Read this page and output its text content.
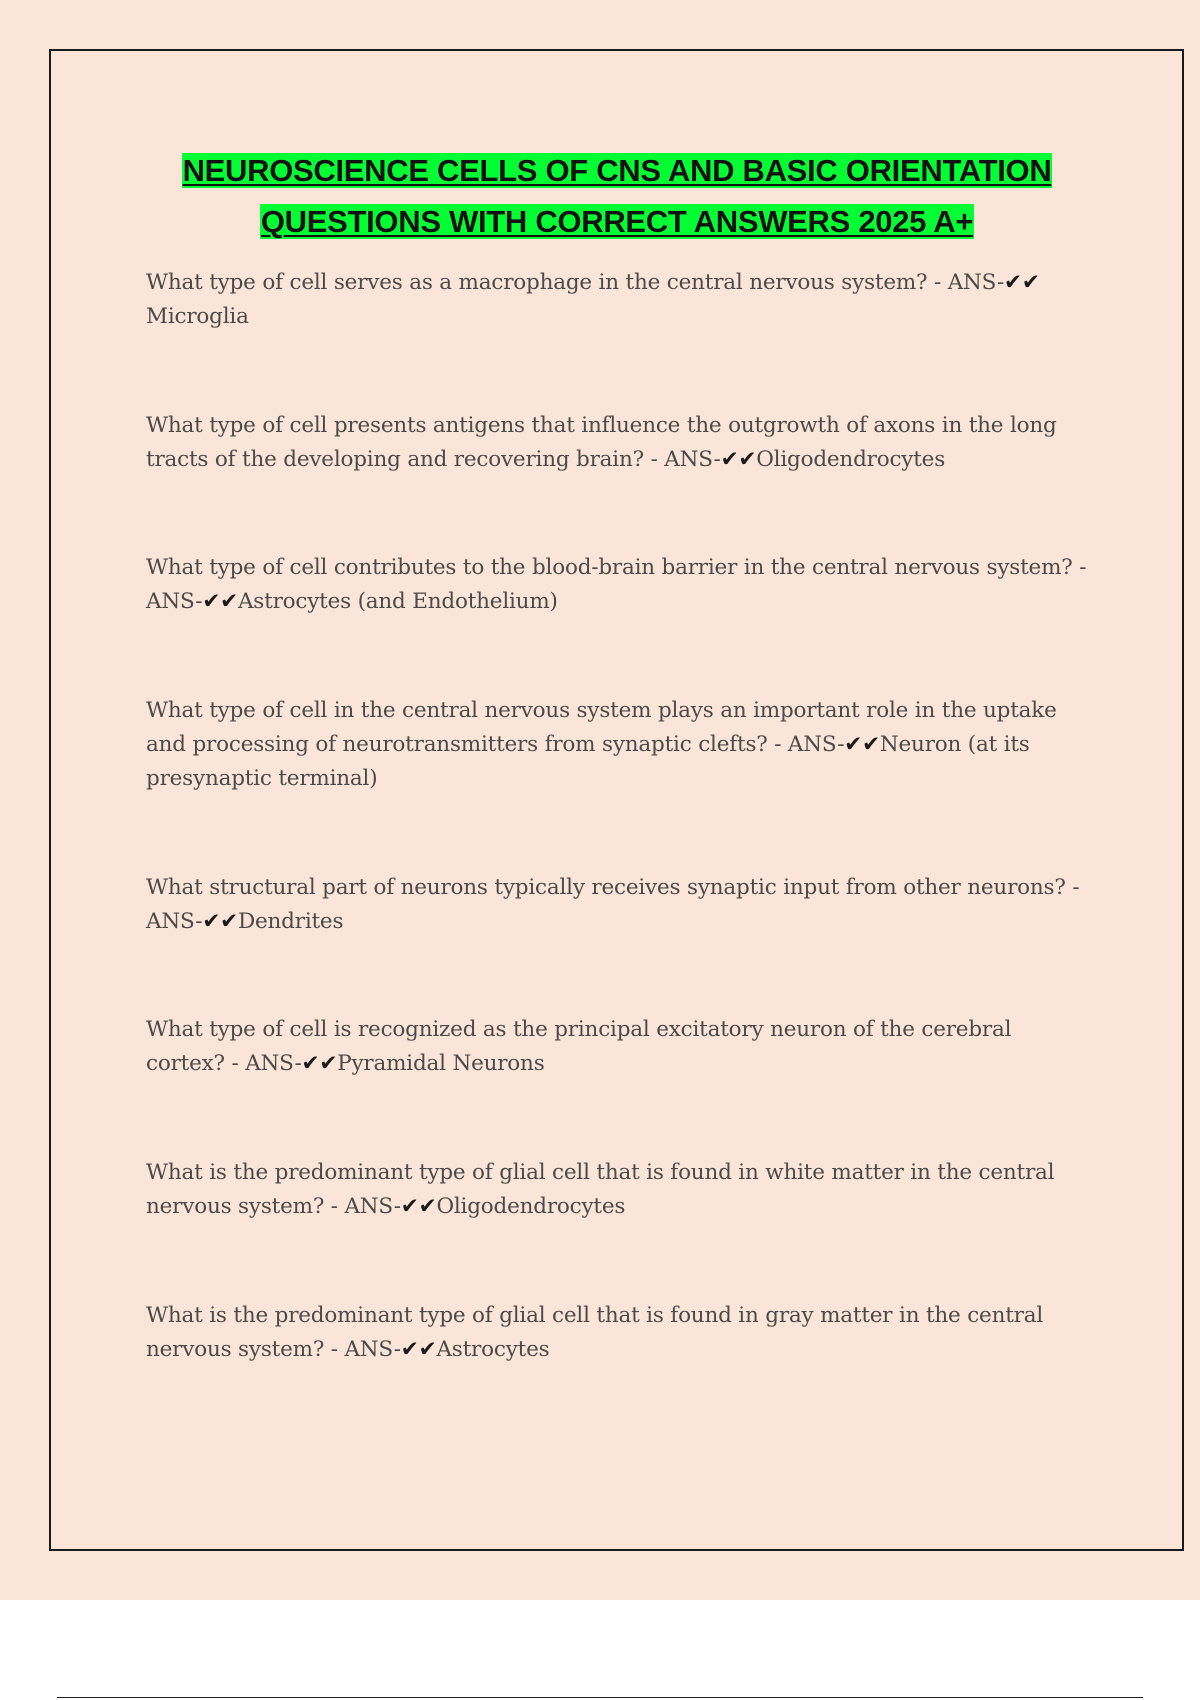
NEUROSCIENCE CELLS OF CNS AND BASIC ORIENTATION
QUESTIONS WITH CORRECT ANSWERS 2025 A+

What type of cell serves as a macrophage in the central nervous system? - ANS-✔✔
Microglia

What type of cell presents antigens that influence the outgrowth of axons in the long tracts of the developing and recovering brain? - ANS-✔✔Oligodendrocytes

What type of cell contributes to the blood-brain barrier in the central nervous system? - ANS-✔✔Astrocytes (and Endothelium)

What type of cell in the central nervous system plays an important role in the uptake and processing of neurotransmitters from synaptic clefts? - ANS-✔✔Neuron (at its presynaptic terminal)

What structural part of neurons typically receives synaptic input from other neurons? - ANS-✔✔Dendrites

What type of cell is recognized as the principal excitatory neuron of the cerebral cortex? - ANS-✔✔Pyramidal Neurons

What is the predominant type of glial cell that is found in white matter in the central nervous system? - ANS-✔✔Oligodendrocytes

What is the predominant type of glial cell that is found in gray matter in the central nervous system? - ANS-✔✔Astrocytes
